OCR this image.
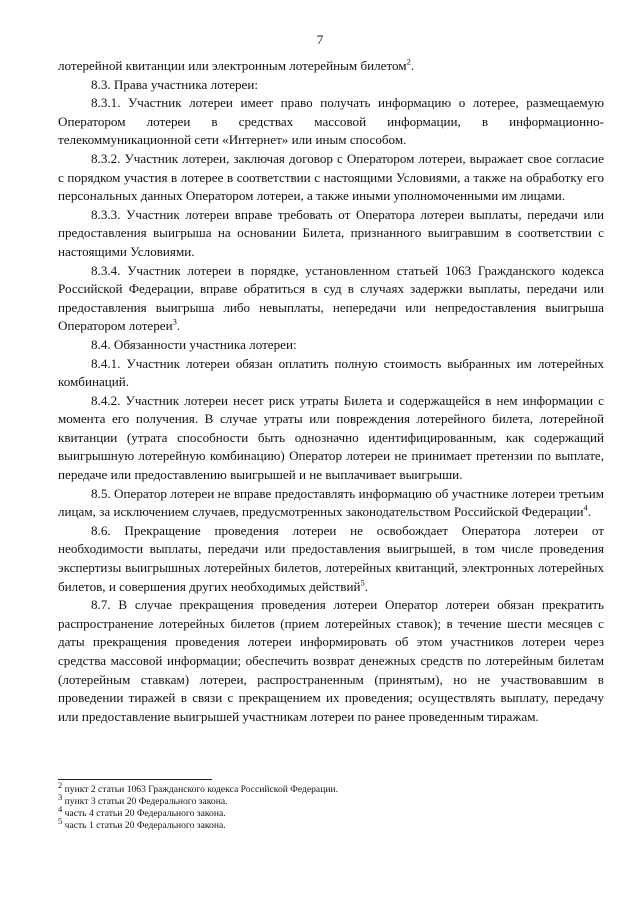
7

лотерейной квитанции или электронным лотерейным билетом$^2$.

8.3. Права участника лотереи:

8.3.1. Участник лотереи имеет право получать информацию о лотерее, размещаемую Оператором лотереи в средствах массовой информации, в информационно-телекоммуникационной сети «Интернет» или иным способом.

8.3.2. Участник лотереи, заключая договор с Оператором лотереи, выражает свое согласие с порядком участия в лотерее в соответствии с настоящими Условиями, а также на обработку его персональных данных Оператором лотереи, а также иными уполномоченными им лицами.

8.3.3. Участник лотереи вправе требовать от Оператора лотереи выплаты, передачи или предоставления выигрыша на основании Билета, признанного выигравшим в соответствии с настоящими Условиями.

8.3.4. Участник лотереи в порядке, установленном статьей 1063 Гражданского кодекса Российской Федерации, вправе обратиться в суд в случаях задержки выплаты, передачи или предоставления выигрыша либо невыплаты, непередачи или непредоставления выигрыша Оператором лотереи$^3$.

8.4. Обязанности участника лотереи:

8.4.1. Участник лотереи обязан оплатить полную стоимость выбранных им лотерейных комбинаций.

8.4.2. Участник лотереи несет риск утраты Билета и содержащейся в нем информации с момента его получения. В случае утраты или повреждения лотерейного билета, лотерейной квитанции (утрата способности быть однозначно идентифицированным, как содержащий выигрышную лотерейную комбинацию) Оператор лотереи не принимает претензии по выплате, передаче или предоставлению выигрышей и не выплачивает выигрыши.

8.5. Оператор лотереи не вправе предоставлять информацию об участнике лотереи третьим лицам, за исключением случаев, предусмотренных законодательством Российской Федерации$^4$.

8.6. Прекращение проведения лотереи не освобождает Оператора лотереи от необходимости выплаты, передачи или предоставления выигрышей, в том числе проведения экспертизы выигрышных лотерейных билетов, лотерейных квитанций, электронных лотерейных билетов, и совершения других необходимых действий$^5$.

8.7. В случае прекращения проведения лотереи Оператор лотереи обязан прекратить распространение лотерейных билетов (прием лотерейных ставок); в течение шести месяцев с даты прекращения проведения лотереи информировать об этом участников лотереи через средства массовой информации; обеспечить возврат денежных средств по лотерейным билетам (лотерейным ставкам) лотереи, распространенным (принятым), но не участвовавшим в проведении тиражей в связи с прекращением их проведения; осуществлять выплату, передачу или предоставление выигрышей участникам лотереи по ранее проведенным тиражам.

$^2$ пункт 2 статьи 1063 Гражданского кодекса Российской Федерации.

$^3$ пункт 3 статьи 20 Федерального закона.

$^4$ часть 4 статьи 20 Федерального закона.

$^5$ часть 1 статьи 20 Федерального закона.
